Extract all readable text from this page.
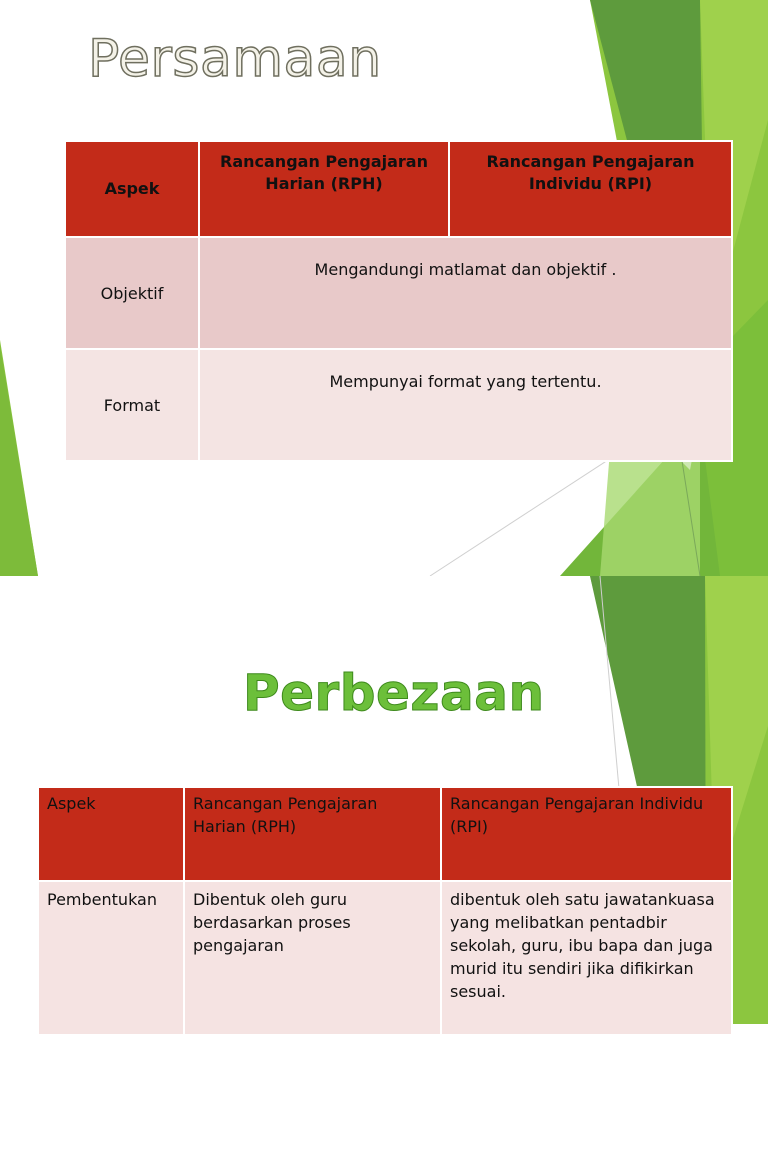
Persamaan
Aspek	Rancangan Pengajaran Harian (RPH)	Rancangan Pengajaran Individu (RPI)
Objektif	Mengandungi matlamat dan objektif .	
Format	Mempunyai format yang tertentu.	
Perbezaan
Aspek	Rancangan Pengajaran Harian (RPH)	Rancangan Pengajaran Individu (RPI)
Pembentukan	Dibentuk oleh guru berdasarkan proses pengajaran	dibentuk oleh satu jawatankuasa yang melibatkan pentadbir sekolah, guru, ibu bapa dan juga murid itu sendiri jika difikirkan sesuai.
